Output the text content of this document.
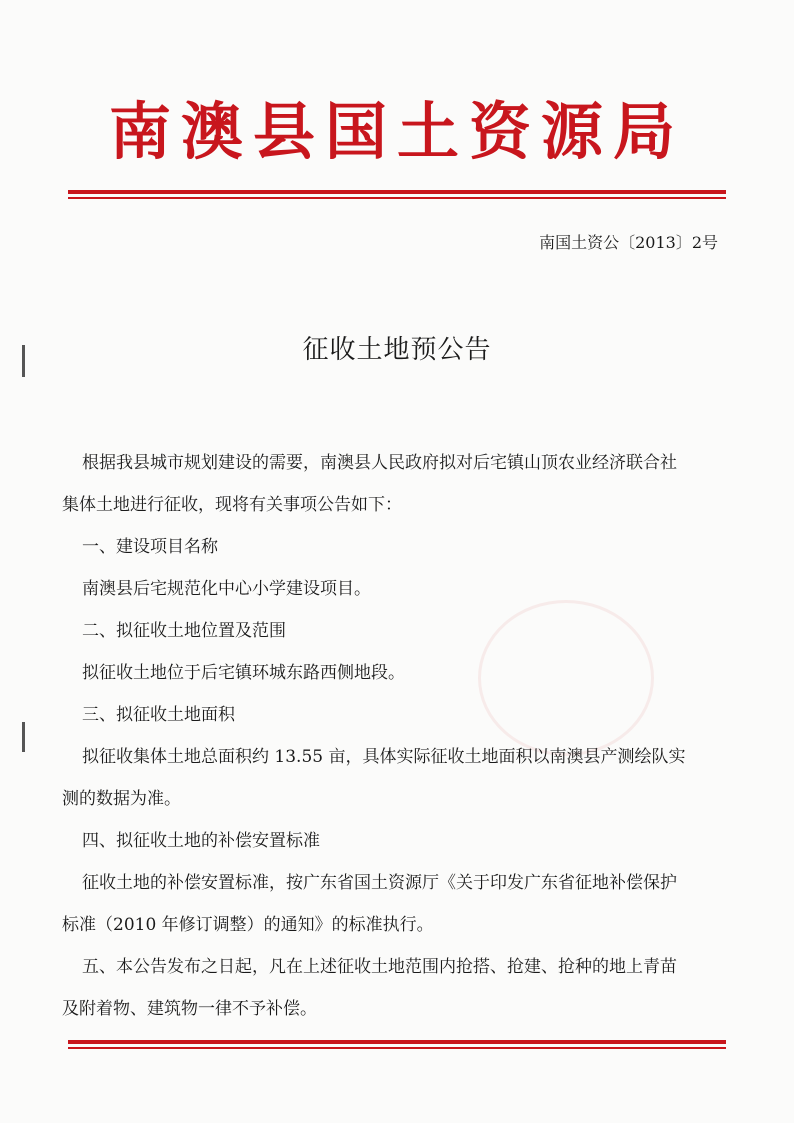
南澳县国土资源局
南国土资公〔2013〕2号
征收土地预公告

根据我县城市规划建设的需要，南澳县人民政府拟对后宅镇山顶农业经济联合社

集体土地进行征收，现将有关事项公告如下：

一、建设项目名称

南澳县后宅规范化中心小学建设项目。

二、拟征收土地位置及范围

拟征收土地位于后宅镇环城东路西侧地段。

三、拟征收土地面积

拟征收集体土地总面积约 13.55 亩，具体实际征收土地面积以南澳县产测绘队实

测的数据为准。

四、拟征收土地的补偿安置标准

征收土地的补偿安置标准，按广东省国土资源厅《关于印发广东省征地补偿保护

标准（2010 年修订调整）的通知》的标准执行。

五、本公告发布之日起，凡在上述征收土地范围内抢搭、抢建、抢种的地上青苗

及附着物、建筑物一律不予补偿。
